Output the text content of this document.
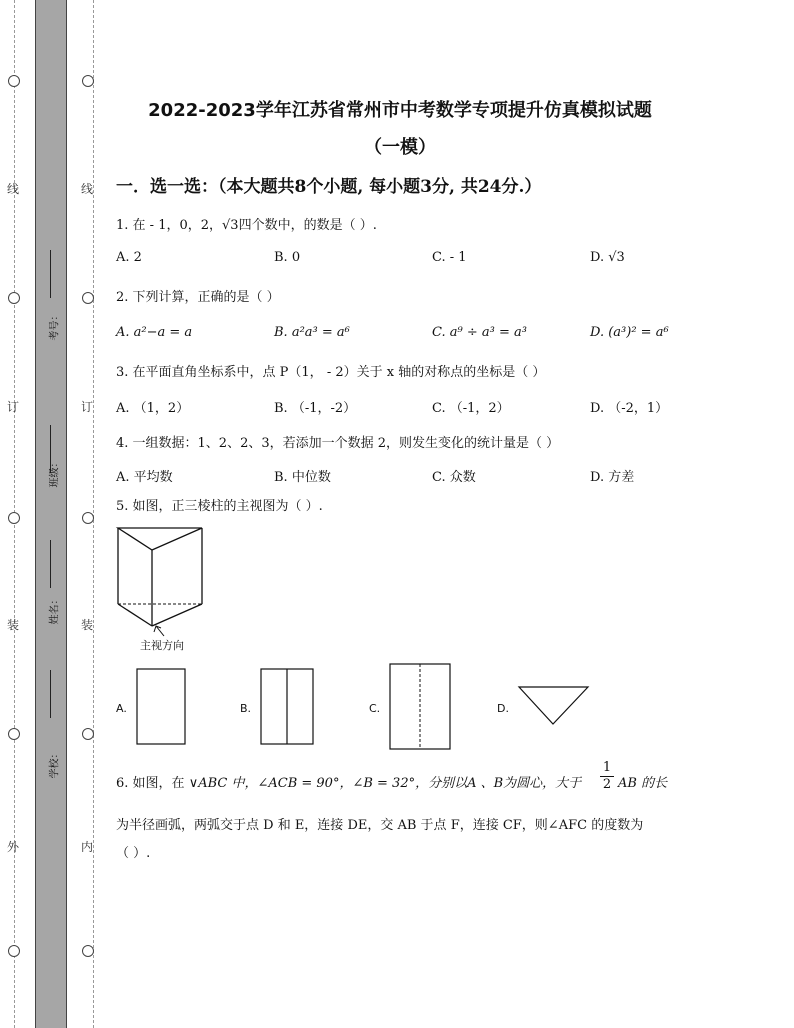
线
订
装
外
线
订
装
内
考号：
班级：
姓名：
学校：
2022-2023学年江苏省常州市中考数学专项提升仿真模拟试题
（一模）
一．选一选：（本大题共8个小题, 每小题3分, 共24分.）
1. 在 - 1，0，2，√3四个数中，的数是（ ）.
A. 2	B. 0	C. - 1	D. √3
2. 下列计算，正确的是（ ）
A. a²−a = a	B. a²a³ = a⁶	C. a⁹ ÷ a³ = a³	D. (a³)² = a⁶
3. 在平面直角坐标系中，点 P（1， - 2）关于 x 轴的对称点的坐标是（ ）
A. （1，2）	B. （-1，-2）	C. （-1，2）	D. （-2，1）
4. 一组数据：1、2、2、3，若添加一个数据 2，则发生变化的统计量是（ ）
A. 平均数	B. 中位数	C. 众数	D. 方差
5. 如图，正三棱柱的主视图为（ ）.
主视方向
A.	B.	C.	D.
6. 如图，在 ∨ABC 中，∠ACB = 90°，∠B = 32°，分别以A 、B为圆心，大于
1
2 AB 的长
为半径画弧，两弧交于点 D 和 E，连接 DE，交 AB 于点 F，连接 CF，则∠AFC 的度数为
（ ）.
